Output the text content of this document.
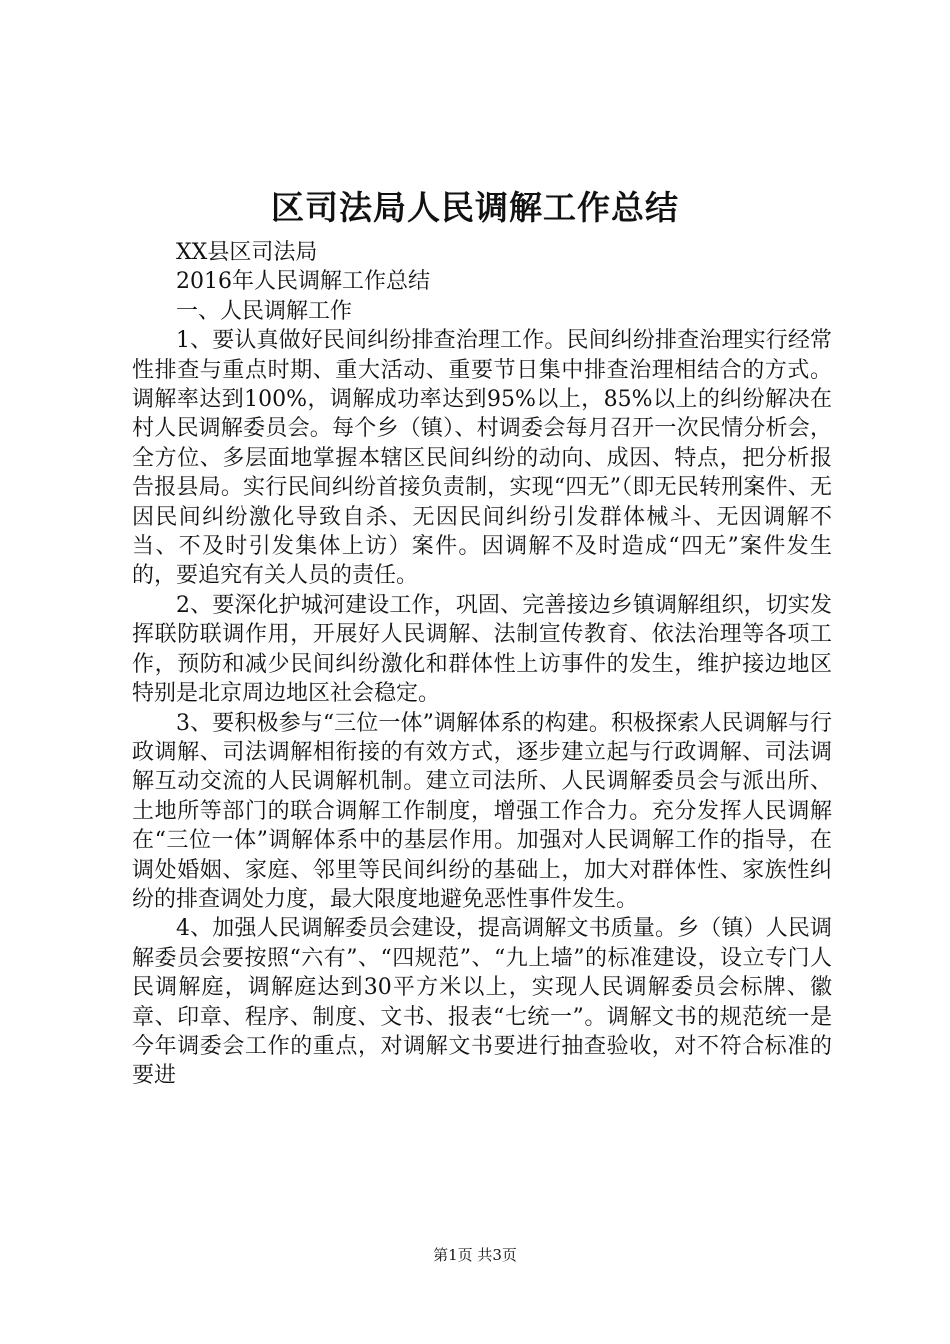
区司法局人民调解工作总结

XX县区司法局

2016年人民调解工作总结

一、人民调解工作

1、要认真做好民间纠纷排查治理工作。民间纠纷排查治理实行经常性排查与重点时期、重大活动、重要节日集中排查治理相结合的方式。调解率达到100%，调解成功率达到95%以上，85%以上的纠纷解决在村人民调解委员会。每个乡（镇）、村调委会每月召开一次民情分析会，全方位、多层面地掌握本辖区民间纠纷的动向、成因、特点，把分析报告报县局。实行民间纠纷首接负责制，实现“四无”（即无民转刑案件、无因民间纠纷激化导致自杀、无因民间纠纷引发群体械斗、无因调解不当、不及时引发集体上访）案件。因调解不及时造成“四无”案件发生的，要追究有关人员的责任。

2、要深化护城河建设工作，巩固、完善接边乡镇调解组织，切实发挥联防联调作用，开展好人民调解、法制宣传教育、依法治理等各项工作，预防和减少民间纠纷激化和群体性上访事件的发生，维护接边地区特别是北京周边地区社会稳定。

3、要积极参与“三位一体”调解体系的构建。积极探索人民调解与行政调解、司法调解相衔接的有效方式，逐步建立起与行政调解、司法调解互动交流的人民调解机制。建立司法所、人民调解委员会与派出所、土地所等部门的联合调解工作制度，增强工作合力。充分发挥人民调解在“三位一体”调解体系中的基层作用。加强对人民调解工作的指导，在调处婚姻、家庭、邻里等民间纠纷的基础上，加大对群体性、家族性纠纷的排查调处力度，最大限度地避免恶性事件发生。

4、加强人民调解委员会建设，提高调解文书质量。乡（镇）人民调解委员会要按照“六有”、“四规范”、“九上墙”的标准建设，设立专门人民调解庭，调解庭达到30平方米以上，实现人民调解委员会标牌、徽章、印章、程序、制度、文书、报表“七统一”。调解文书的规范统一是今年调委会工作的重点，对调解文书要进行抽查验收，对不符合标准的要进

第1页 共3页
